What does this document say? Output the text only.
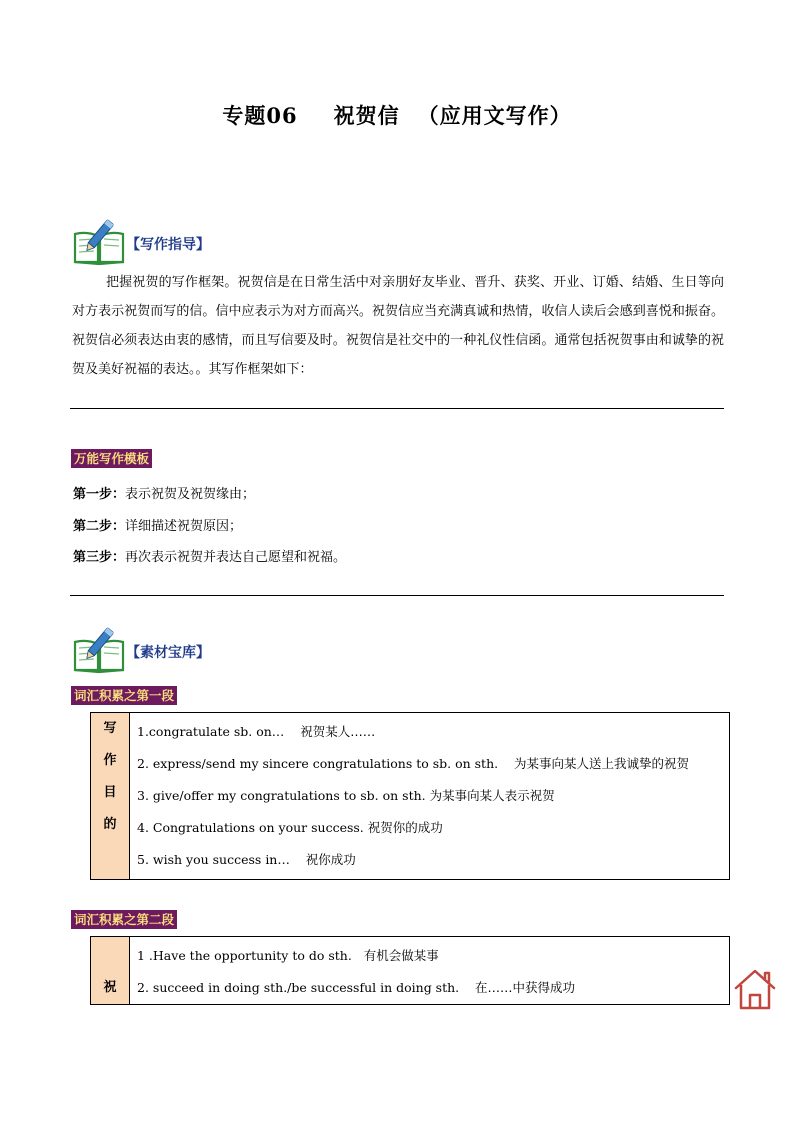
专题06 祝贺信 （应用文写作）
【写作指导】

把握祝贺的写作框架。祝贺信是在日常生活中对亲朋好友毕业、晋升、获奖、开业、订婚、结婚、生日等向对方表示祝贺而写的信。信中应表示为对方而高兴。祝贺信应当充满真诚和热情，收信人读后会感到喜悦和振奋。祝贺信必须表达由衷的感情，而且写信要及时。祝贺信是社交中的一种礼仪性信函。通常包括祝贺事由和诚挚的祝贺及美好祝福的表达。。其写作框架如下：

万能写作模板
第一步：表示祝贺及祝贺缘由；
第二步：详细描述祝贺原因；
第三步：再次表示祝贺并表达自己愿望和祝福。
【素材宝库】
词汇积累之第一段
写
作
目
的

1.congratulate sb. on… 祝贺某人……
2. express/send my sincere congratulations to sb. on sth. 为某事向某人送上我诚挚的祝贺
3. give/offer my congratulations to sb. on sth. 为某事向某人表示祝贺
4. Congratulations on your success. 祝贺你的成功
5. wish you success in… 祝你成功
词汇积累之第二段
祝

1 .Have the opportunity to do sth. 有机会做某事
2. succeed in doing sth./be successful in doing sth. 在……中获得成功
